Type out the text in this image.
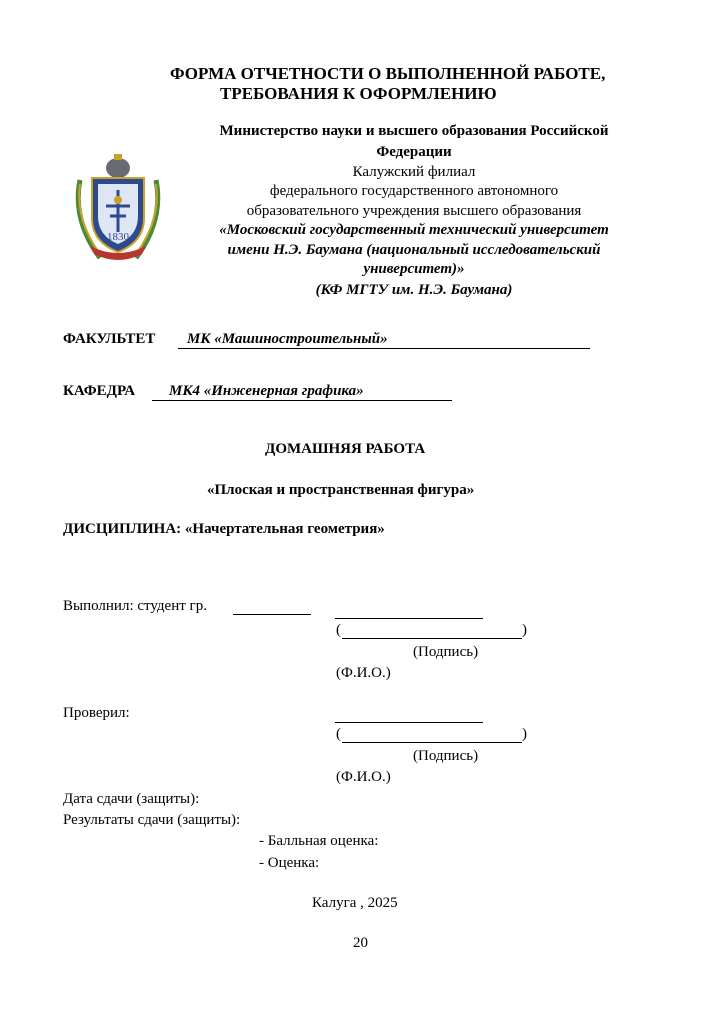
ФОРМА ОТЧЕТНОСТИ О ВЫПОЛНЕННОЙ РАБОТЕ,
ТРЕБОВАНИЯ К ОФОРМЛЕНИЮ
1830
Министерство науки и высшего образования Российской
Федерации
Калужский филиал
федерального государственного автономного
образовательного учреждения высшего образования
«Московский государственный технический университет
имени Н.Э. Баумана (национальный исследовательский
университет)»
(КФ МГТУ им. Н.Э. Баумана)
ФАКУЛЬТЕТ МК «Машиностроительный»
КАФЕДРА МК4 «Инженерная графика»
ДОМАШНЯЯ РАБОТА
«Плоская и пространственная фигура»
ДИСЦИПЛИНА: «Начертательная геометрия»
Выполнил: студент гр.
(	)
(Подпись)
(Ф.И.О.)
Проверил:
(	)
(Подпись)
(Ф.И.О.)
Дата сдачи (защиты):
Результаты сдачи (защиты):
- Балльная оценка:
- Оценка:
Калуга , 2025
20
